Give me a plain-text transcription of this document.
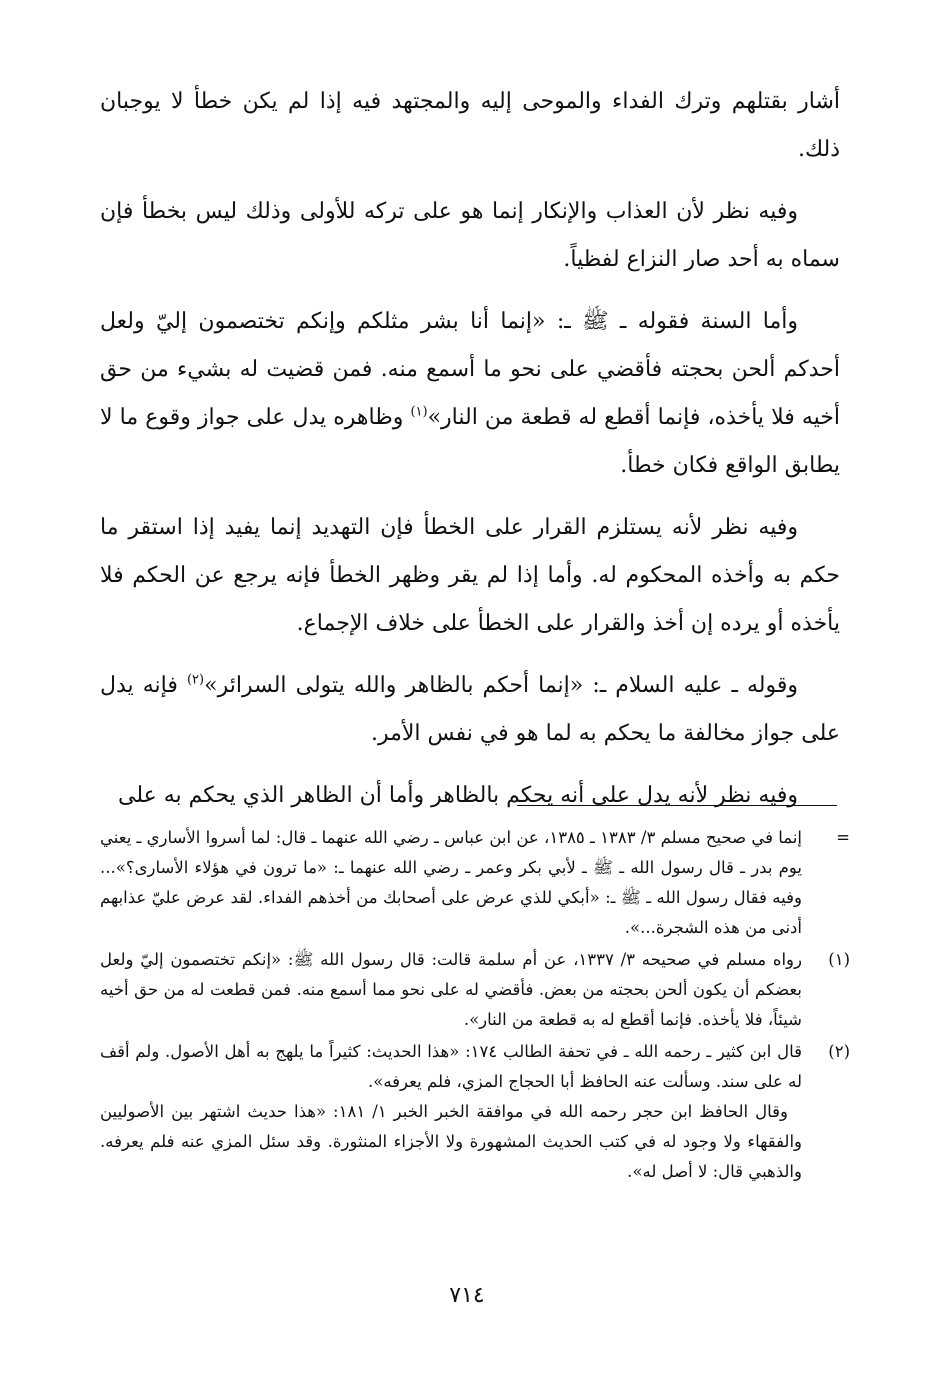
أشار بقتلهم وترك الفداء والموحى إليه والمجتهد فيه إذا لم يكن خطأ لا يوجبان ذلك.

وفيه نظر لأن العذاب والإنكار إنما هو على تركه للأولى وذلك ليس بخطأ فإن سماه به أحد صار النزاع لفظياً.

وأما السنة فقوله ـ ﷺ ـ: «إنما أنا بشر مثلكم وإنكم تختصمون إليّ ولعل أحدكم ألحن بحجته فأقضي على نحو ما أسمع منه. فمن قضيت له بشيء من حق أخيه فلا يأخذه، فإنما أقطع له قطعة من النار»$^{(١)}$ وظاهره يدل على جواز وقوع ما لا يطابق الواقع فكان خطأ.

وفيه نظر لأنه يستلزم القرار على الخطأ فإن التهديد إنما يفيد إذا استقر ما حكم به وأخذه المحكوم له. وأما إذا لم يقر وظهر الخطأ فإنه يرجع عن الحكم فلا يأخذه أو يرده إن أخذ والقرار على الخطأ على خلاف الإجماع.

وقوله ـ عليه السلام ـ: «إنما أحكم بالظاهر والله يتولى السرائر»$^{(٢)}$ فإنه يدل على جواز مخالفة ما يحكم به لما هو في نفس الأمر.

وفيه نظر لأنه يدل على أنه يحكم بالظاهر وأما أن الظاهر الذي يحكم به على

=

إنما في صحيح مسلم ٣/ ١٣٨٣ ـ ١٣٨٥، عن ابن عباس ـ رضي الله عنهما ـ قال: لما أسروا الأساري ـ يعني يوم بدر ـ قال رسول الله ـ ﷺ ـ لأبي بكر وعمر ـ رضي الله عنهما ـ: «ما ترون في هؤلاء الأسارى؟»... وفيه فقال رسول الله ـ ﷺ ـ: «أبكي للذي عرض على أصحابك من أخذهم الفداء. لقد عرض عليّ عذابهم أدنى من هذه الشجرة...».

(١)

رواه مسلم في صحيحه ٣/ ١٣٣٧، عن أم سلمة قالت: قال رسول الله ﷺ: «إنكم تختصمون إليّ ولعل بعضكم أن يكون ألحن بحجته من بعض. فأقضي له على نحو مما أسمع منه. فمن قطعت له من حق أخيه شيئاً، فلا يأخذه. فإنما أقطع له به قطعة من النار».

(٢)

قال ابن كثير ـ رحمه الله ـ في تحفة الطالب ١٧٤: «هذا الحديث: كثيراً ما يلهج به أهل الأصول. ولم أقف له على سند. وسألت عنه الحافظ أبا الحجاج المزي، فلم يعرفه».

وقال الحافظ ابن حجر رحمه الله في موافقة الخبر الخبر ١/ ١٨١: «هذا حديث اشتهر بين الأصوليين والفقهاء ولا وجود له في كتب الحديث المشهورة ولا الأجزاء المنثورة. وقد سئل المزي عنه فلم يعرفه. والذهبي قال: لا أصل له».

٧١٤
